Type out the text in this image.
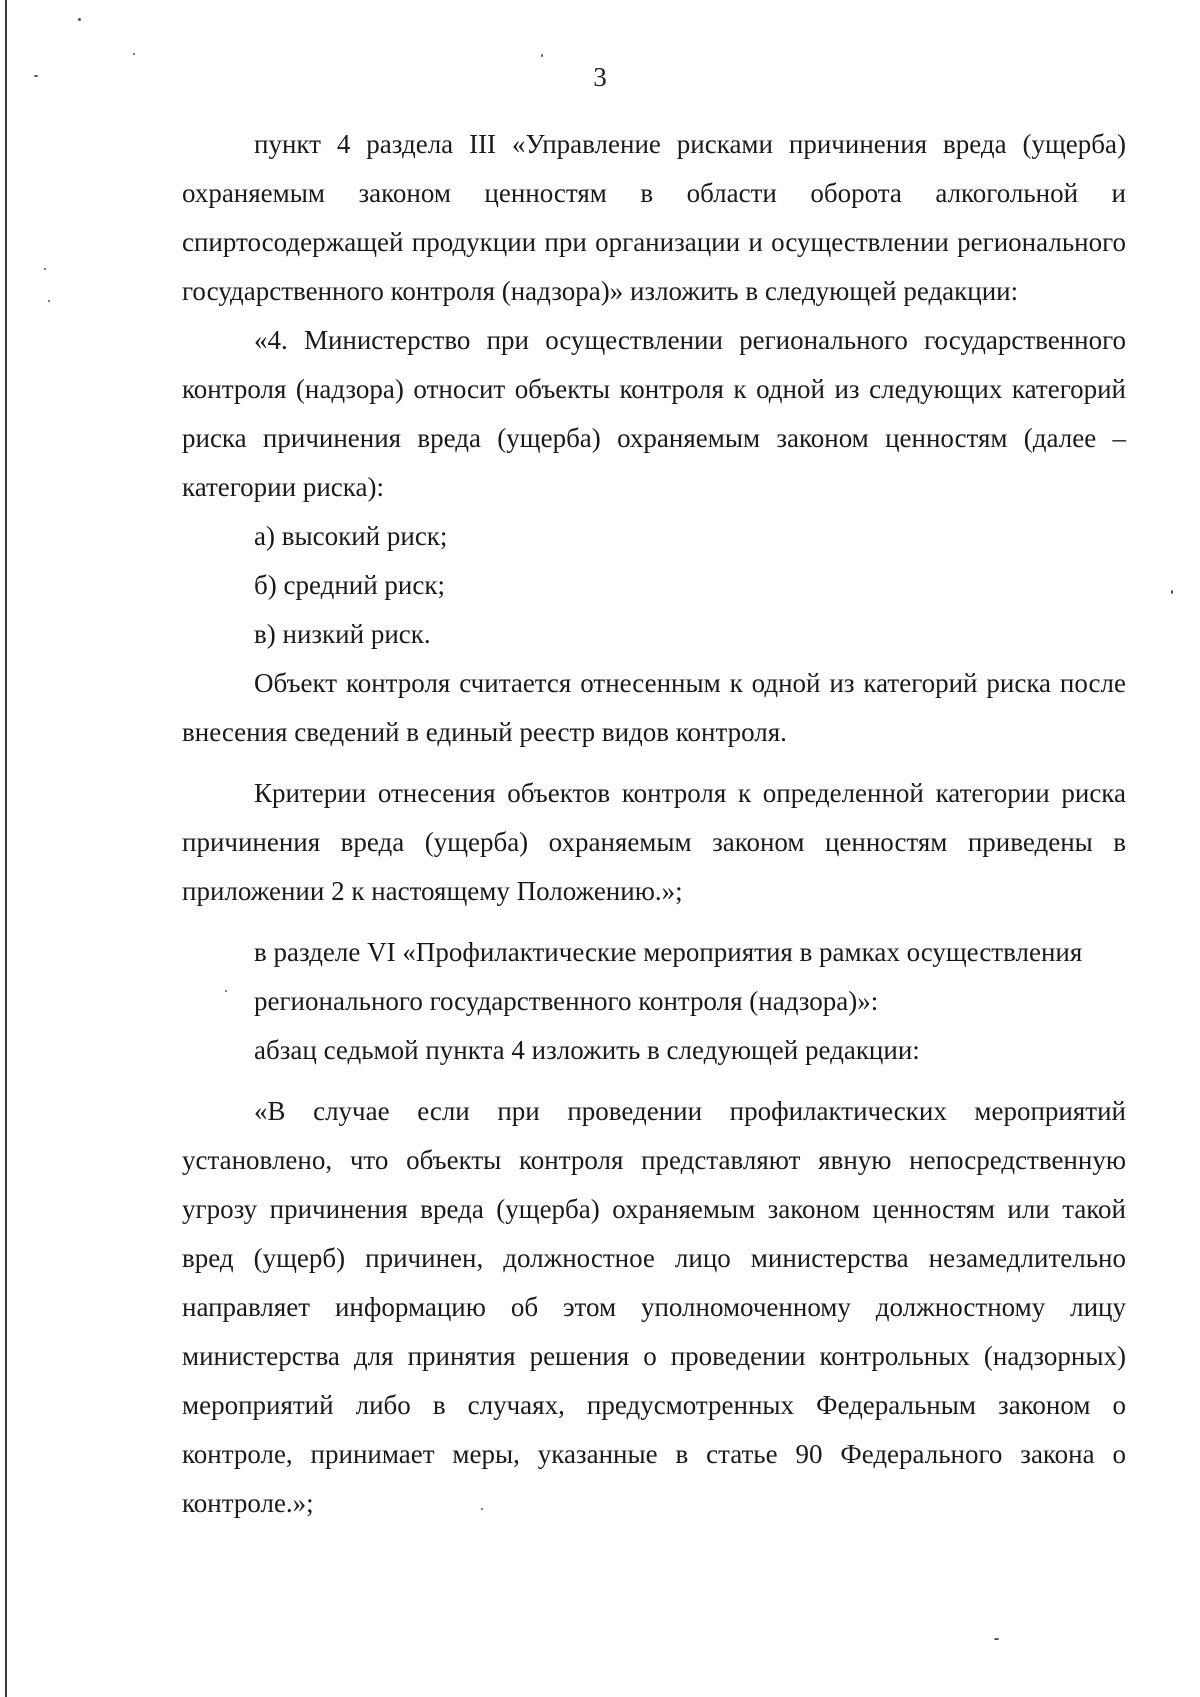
3

пункт 4 раздела III «Управление рисками причинения вреда (ущерба) охраняемым законом ценностям в области оборота алкогольной и спиртосодержащей продукции при организации и осуществлении регионального государственного контроля (надзора)» изложить в следующей редакции:

«4. Министерство при осуществлении регионального государственного контроля (надзора) относит объекты контроля к одной из следующих категорий риска причинения вреда (ущерба) охраняемым законом ценностям (далее – категории риска):

а) высокий риск;

б) средний риск;

в) низкий риск.

Объект контроля считается отнесенным к одной из категорий риска после внесения сведений в единый реестр видов контроля.

Критерии отнесения объектов контроля к определенной категории риска причинения вреда (ущерба) охраняемым законом ценностям приведены в приложении 2 к настоящему Положению.»;

в разделе VI «Профилактические мероприятия в рамках осуществления регионального государственного контроля (надзора)»:

абзац седьмой пункта 4 изложить в следующей редакции:

«В случае если при проведении профилактических мероприятий установлено, что объекты контроля представляют явную непосредственную угрозу причинения вреда (ущерба) охраняемым законом ценностям или такой вред (ущерб) причинен, должностное лицо министерства незамедлительно направляет информацию об этом уполномоченному должностному лицу министерства для принятия решения о проведении контрольных (надзорных) мероприятий либо в случаях, предусмотренных Федеральным законом о контроле, принимает меры, указанные в статье 90 Федерального закона о контроле.»;
